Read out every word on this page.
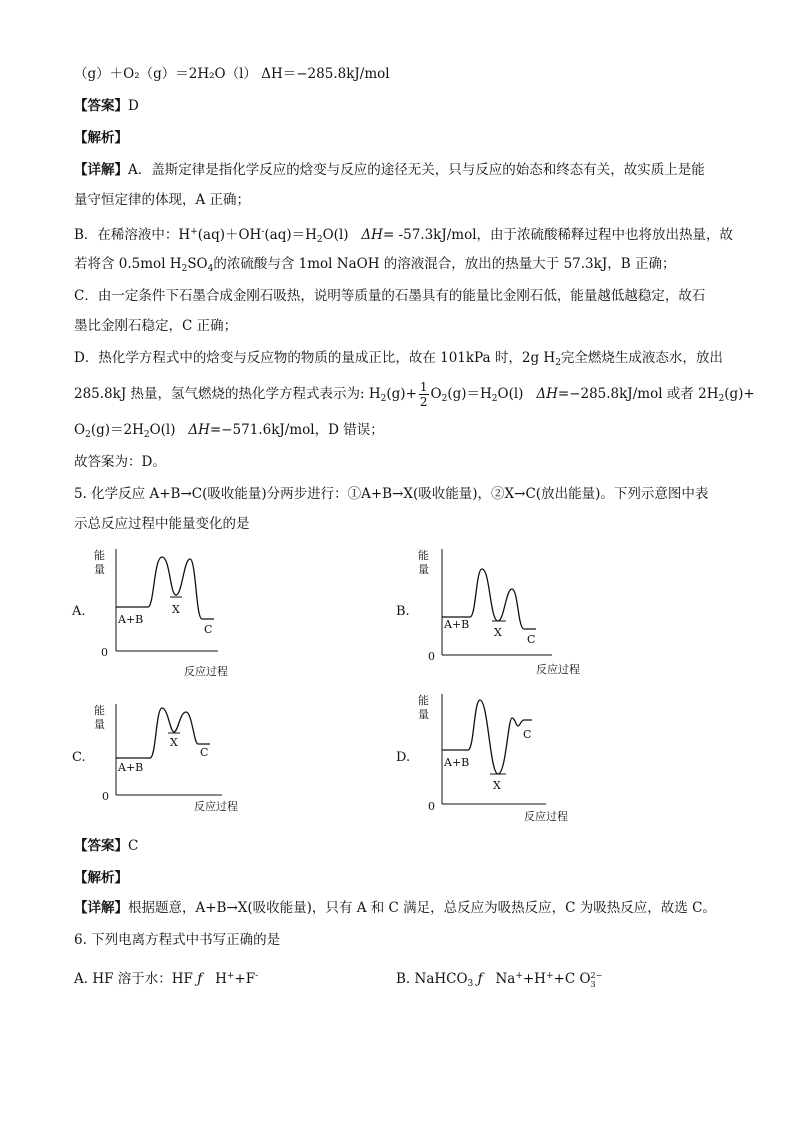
（g）＋O₂（g）＝2H₂O（l） ΔH＝−285.8kJ/mol
【答案】D
【解析】
【详解】A．盖斯定律是指化学反应的焓变与反应的途径无关，只与反应的始态和终态有关，故实质上是能
量守恒定律的体现，A 正确；
B．在稀溶液中：$H^+(aq)+OH^-(aq)=H_2O(l)$ ΔH= -57.3kJ/mol，由于浓硫酸稀释过程中也将放出热量，故
若将含 0.5mol $H_2SO_4$的浓硫酸与含 1mol NaOH 的溶液混合，放出的热量大于 57.3kJ，B 正确；
C．由一定条件下石墨合成金刚石吸热，说明等质量的石墨具有的能量比金刚石低，能量越低越稳定，故石
墨比金刚石稳定，C 正确；
D．热化学方程式中的焓变与反应物的物质的量成正比，故在 101kPa 时，2g $H_2$完全燃烧生成液态水，放出
285.8kJ 热量，氢气燃烧的热化学方程式表示为: $H_2(g)+ \frac{1}{2} O_2(g)=H_2O(l)$ ΔH=−285.8kJ/mol 或者 $2H_2(g)+$
$O_2(g)=2H_2O(l)$ ΔH=−571.6kJ/mol，D 错误；
故答案为：D。
5. 化学反应 A+B→C(吸收能量)分两步进行：①A+B→X(吸收能量)，②X→C(放出能量)。下列示意图中表
示总反应过程中能量变化的是
A.	B.
C.	D.
能
量
0
A+B
X
C
反应过程
能
量
0
A+B
X
C
反应过程
能
量
0
A+B
X
C
反应过程
能
量
0
A+B
X
C
反应过程
【答案】C
【解析】
【详解】根据题意，A+B→X(吸收能量)，只有 A 和 C 满足，总反应为吸热反应，C 为吸热反应，故选 C。
6. 下列电离方程式中书写正确的是
A. HF 溶于水：HF ƒ H++F-	B. NaHCO$_3$ ƒ Na++H++C O 2−
3
